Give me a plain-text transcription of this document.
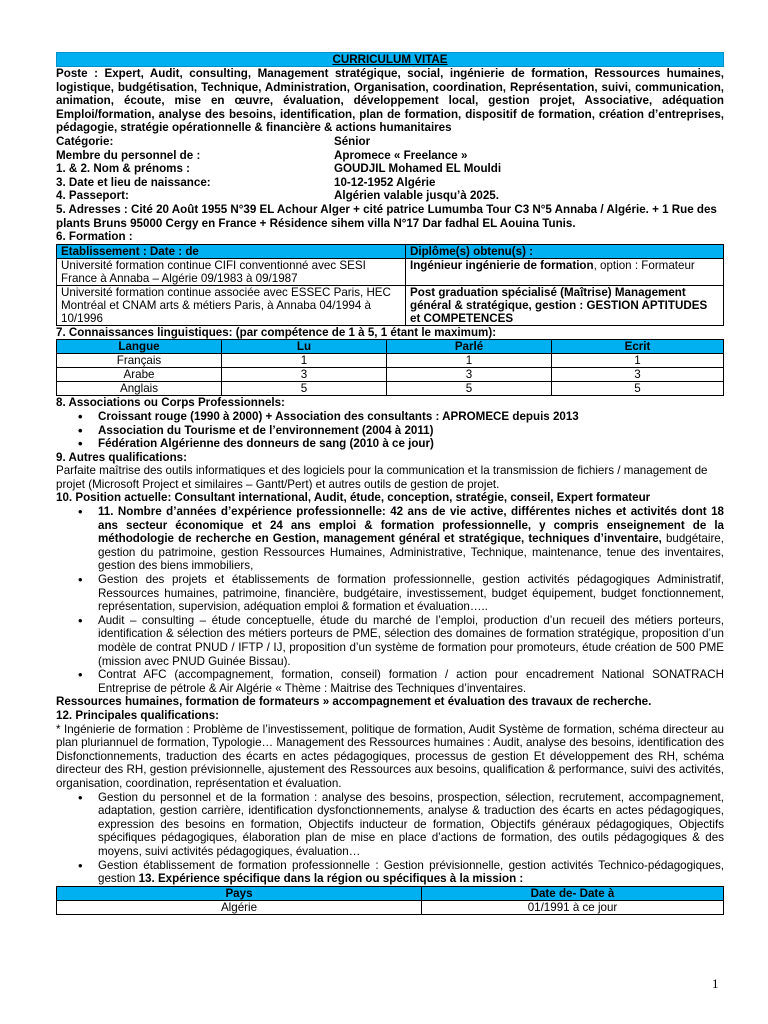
CURRICULUM VITAE
Poste : Expert, Audit, consulting, Management stratégique, social, ingénierie de formation, Ressources humaines, logistique, budgétisation, Technique, Administration, Organisation, coordination, Représentation, suivi, communication, animation, écoute, mise en œuvre, évaluation, développement local, gestion projet, Associative, adéquation Emploi/formation, analyse des besoins, identification, plan de formation, dispositif de formation, création d’entreprises, pédagogie, stratégie opérationnelle & financière & actions humanitaires
Catégorie:	Sénior
Membre du personnel de :	Apromece « Freelance »
1. & 2. Nom & prénoms :	GOUDJIL Mohamed EL Mouldi
3. Date et lieu de naissance:	10-12-1952 Algérie
4. Passeport:	Algérien valable jusqu’à 2025.
5. Adresses : Cité 20 Août 1955 N°39 EL Achour Alger + cité patrice Lumumba Tour C3 N°5 Annaba / Algérie. + 1 Rue des plants Bruns 95000 Cergy en France + Résidence sihem villa N°17 Dar fadhal EL Aouina Tunis.
6. Formation :
Etablissement : Date : de	Diplôme(s) obtenu(s) :
Université formation continue CIFI conventionné avec SESI France à Annaba – Algérie 09/1983 à 09/1987	Ingénieur ingénierie de formation, option : Formateur
Université formation continue associée avec ESSEC Paris, HEC Montréal et CNAM arts & métiers Paris, à Annaba 04/1994 à 10/1996	Post graduation spécialisé (Maîtrise) Management général & stratégique, gestion : GESTION APTITUDES et COMPETENCES
7. Connaissances linguistiques: (par compétence de 1 à 5, 1 étant le maximum):
Langue	Lu	Parlé	Ecrit
Français	1	1	1
Arabe	3	3	3
Anglais	5	5	5
8. Associations ou Corps Professionnels:
• Croissant rouge (1990 à 2000) + Association des consultants : APROMECE depuis 2013
• Association du Tourisme et de l’environnement (2004 à 2011)
• Fédération Algérienne des donneurs de sang (2010 à ce jour)
9. Autres qualifications:
Parfaite maîtrise des outils informatiques et des logiciels pour la communication et la transmission de fichiers / management de projet (Microsoft Project et similaires – Gantt/Pert) et autres outils de gestion de projet.
10. Position actuelle: Consultant international, Audit, étude, conception, stratégie, conseil, Expert formateur
• 11. Nombre d’années d’expérience professionnelle: 42 ans de vie active, différentes niches et activités dont 18 ans secteur économique et 24 ans emploi & formation professionnelle, y compris enseignement de la méthodologie de recherche en Gestion, management général et stratégique, techniques d’inventaire, budgétaire, gestion du patrimoine, gestion Ressources Humaines, Administrative, Technique, maintenance, tenue des inventaires, gestion des biens immobiliers,
• Gestion des projets et établissements de formation professionnelle, gestion activités pédagogiques Administratif, Ressources humaines, patrimoine, financière, budgétaire, investissement, budget équipement, budget fonctionnement, représentation, supervision, adéquation emploi & formation et évaluation…..
• Audit – consulting – étude conceptuelle, étude du marché de l’emploi, production d’un recueil des métiers porteurs, identification & sélection des métiers porteurs de PME, sélection des domaines de formation stratégique, proposition d’un modèle de contrat PNUD / IFTP / IJ, proposition d’un système de formation pour promoteurs, étude création de 500 PME (mission avec PNUD Guinée Bissau).
• Contrat AFC (accompagnement, formation, conseil) formation / action pour encadrement National SONATRACH Entreprise de pétrole & Air Algérie « Thème : Maitrise des Techniques d’inventaires.
Ressources humaines, formation de formateurs » accompagnement et évaluation des travaux de recherche.
12. Principales qualifications:
* Ingénierie de formation : Problème de l’investissement, politique de formation, Audit Système de formation, schéma directeur au plan pluriannuel de formation, Typologie… Management des Ressources humaines : Audit, analyse des besoins, identification des Disfonctionnements, traduction des écarts en actes pédagogiques, processus de gestion Et développement des RH, schéma directeur des RH, gestion prévisionnelle, ajustement des Ressources aux besoins, qualification & performance, suivi des activités, organisation, coordination, représentation et évaluation.
• Gestion du personnel et de la formation : analyse des besoins, prospection, sélection, recrutement, accompagnement, adaptation, gestion carrière, identification dysfonctionnements, analyse & traduction des écarts en actes pédagogiques, expression des besoins en formation, Objectifs inducteur de formation, Objectifs généraux pédagogiques, Objectifs spécifiques pédagogiques, élaboration plan de mise en place d’actions de formation, des outils pédagogiques & des moyens, suivi activités pédagogiques, évaluation…
• Gestion établissement de formation professionnelle : Gestion prévisionnelle, gestion activités Technico-pédagogiques, gestion 13. Expérience spécifique dans la région ou spécifiques à la mission :
Pays	Date de- Date à
Algérie	01/1991 à ce jour
1
